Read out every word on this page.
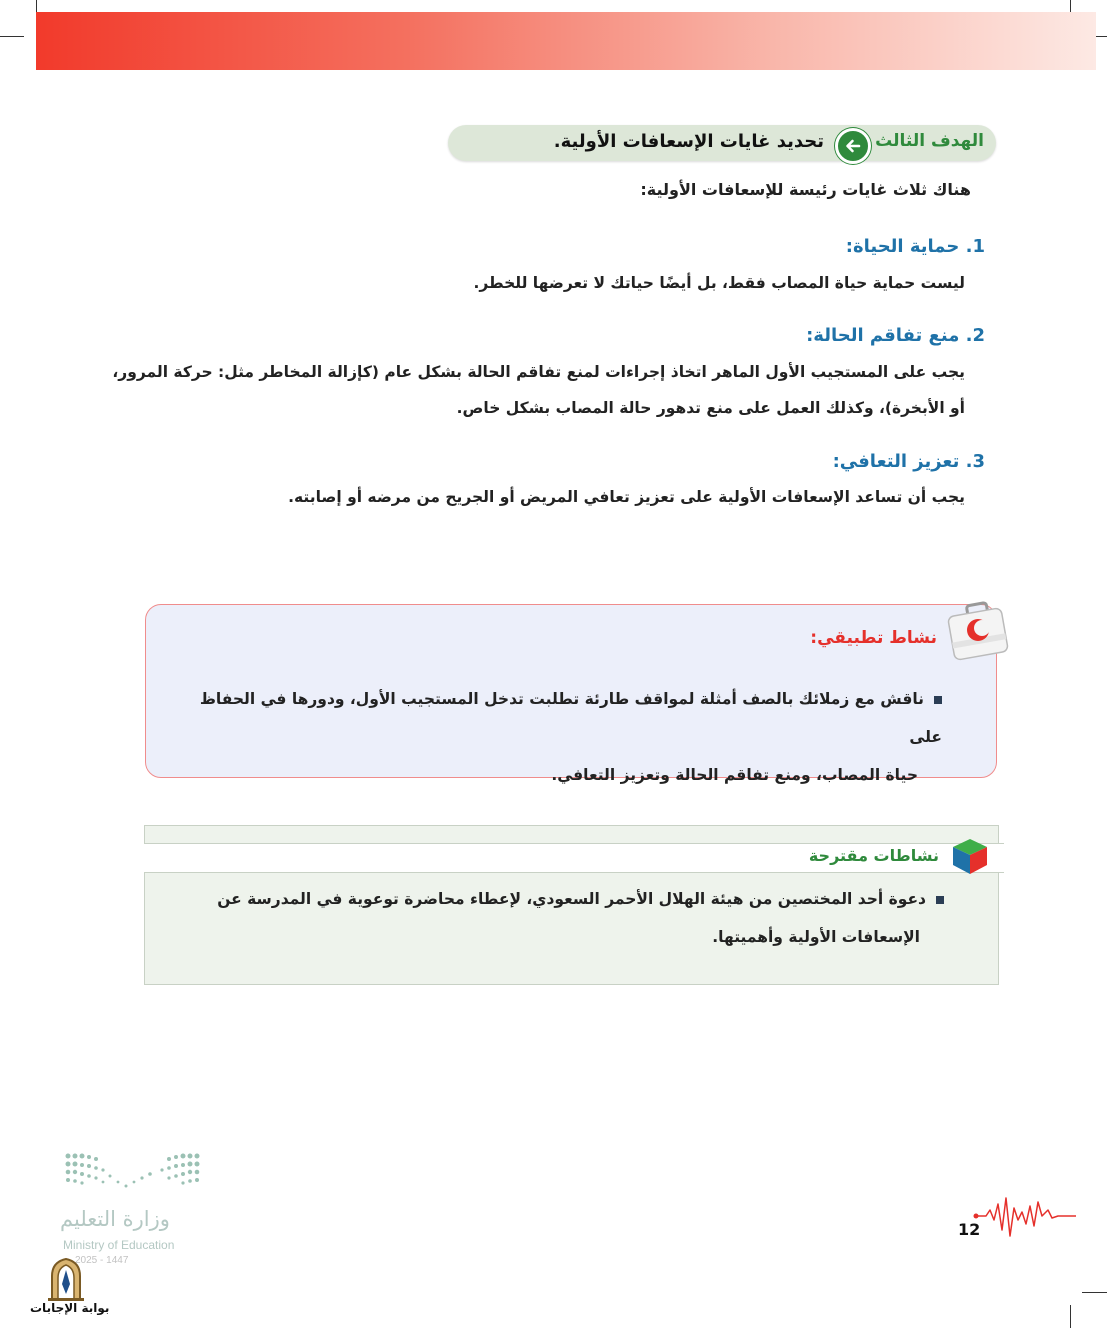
الهدف الثالث
تحديد غايات الإسعافات الأولية.
هناك ثلاث غايات رئيسة للإسعافات الأولية:
1. حماية الحياة:
ليست حماية حياة المصاب فقط، بل أيضًا حياتك لا تعرضها للخطر.
2. منع تفاقم الحالة:
يجب على المستجيب الأول الماهر اتخاذ إجراءات لمنع تفاقم الحالة بشكل عام (كإزالة المخاطر مثل: حركة المرور،
أو الأبخرة)، وكذلك العمل على منع تدهور حالة المصاب بشكل خاص.
3. تعزيز التعافي:
يجب أن تساعد الإسعافات الأولية على تعزيز تعافي المريض أو الجريح من مرضه أو إصابته.
نشاط تطبيقي:
ناقش مع زملائك بالصف أمثلة لمواقف طارئة تطلبت تدخل المستجيب الأول، ودورها في الحفاظ على
حياة المصاب، ومنع تفاقم الحالة وتعزيز التعافي.
نشاطات مقترحة
دعوة أحد المختصين من هيئة الهلال الأحمر السعودي، لإعطاء محاضرة توعوية في المدرسة عن
الإسعافات الأولية وأهميتها.
12
وزارة التعليم
Ministry of Education
2025 - 1447
بوابة الإجابات
